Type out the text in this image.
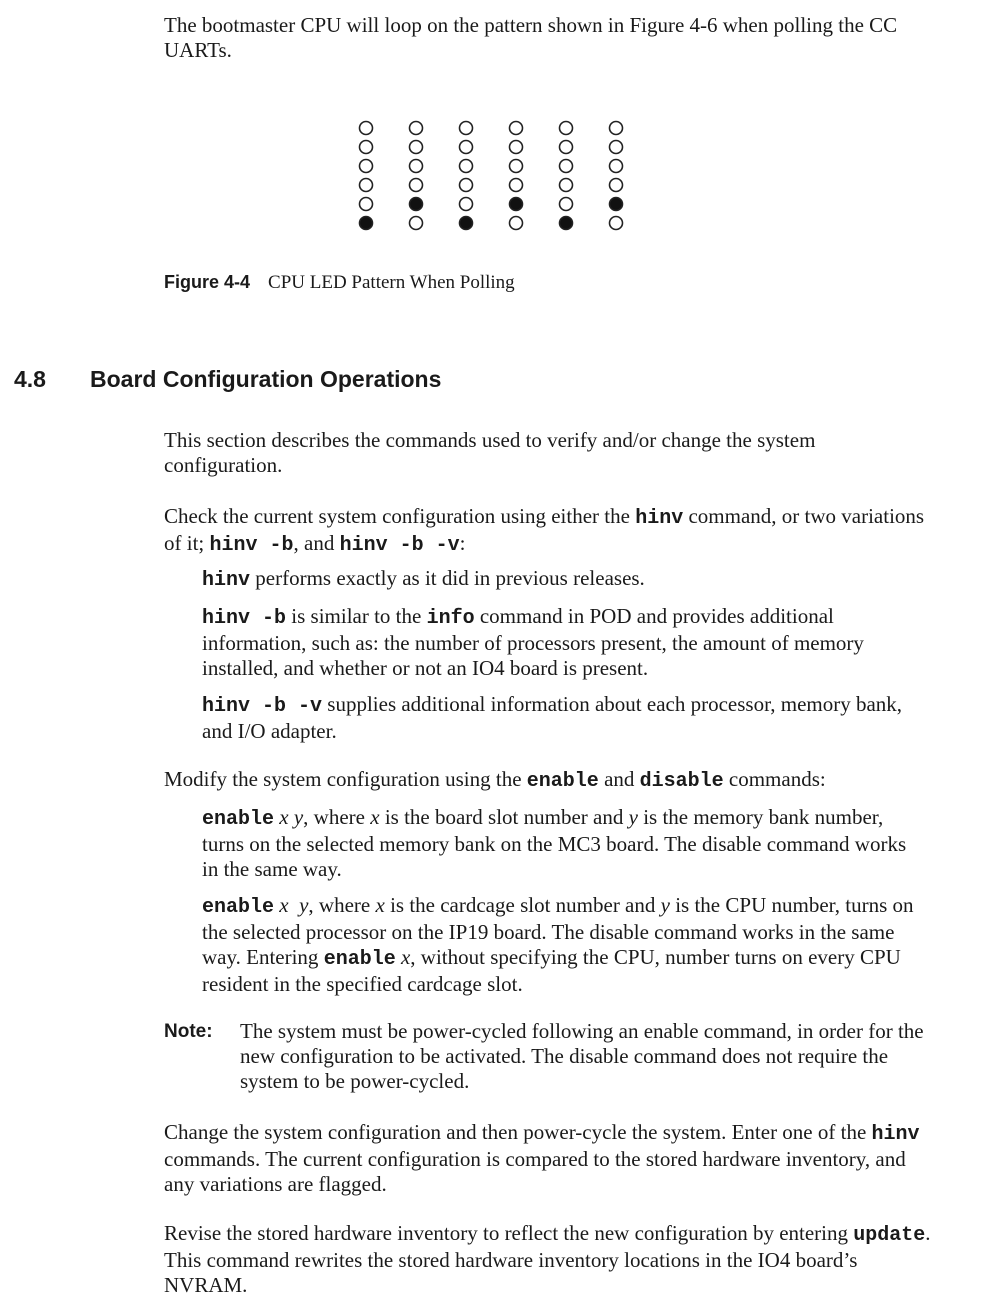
The bootmaster CPU will loop on the pattern shown in Figure 4-6 when polling the CC
UARTs.
Figure 4-4 CPU LED Pattern When Polling
4.8 Board Configuration Operations
This section describes the commands used to verify and/or change the system
configuration.
Check the current system configuration using either the hinv command, or two variations
of it; hinv -b, and hinv -b -v:
hinv performs exactly as it did in previous releases.
hinv -b is similar to the info command in POD and provides additional
information, such as: the number of processors present, the amount of memory
installed, and whether or not an IO4 board is present.
hinv -b -v supplies additional information about each processor, memory bank,
and I/O adapter.
Modify the system configuration using the enable and disable commands:
enable x y, where x is the board slot number and y is the memory bank number,
turns on the selected memory bank on the MC3 board. The disable command works
in the same way.
enable x y, where x is the cardcage slot number and y is the CPU number, turns on
the selected processor on the IP19 board. The disable command works in the same
way. Entering enable x, without specifying the CPU, number turns on every CPU
resident in the specified cardcage slot.
Note: The system must be power-cycled following an enable command, in order for the
new configuration to be activated. The disable command does not require the
system to be power-cycled.
Change the system configuration and then power-cycle the system. Enter one of the hinv
commands. The current configuration is compared to the stored hardware inventory, and
any variations are flagged.
Revise the stored hardware inventory to reflect the new configuration by entering update.
This command rewrites the stored hardware inventory locations in the IO4 board’s
NVRAM.
